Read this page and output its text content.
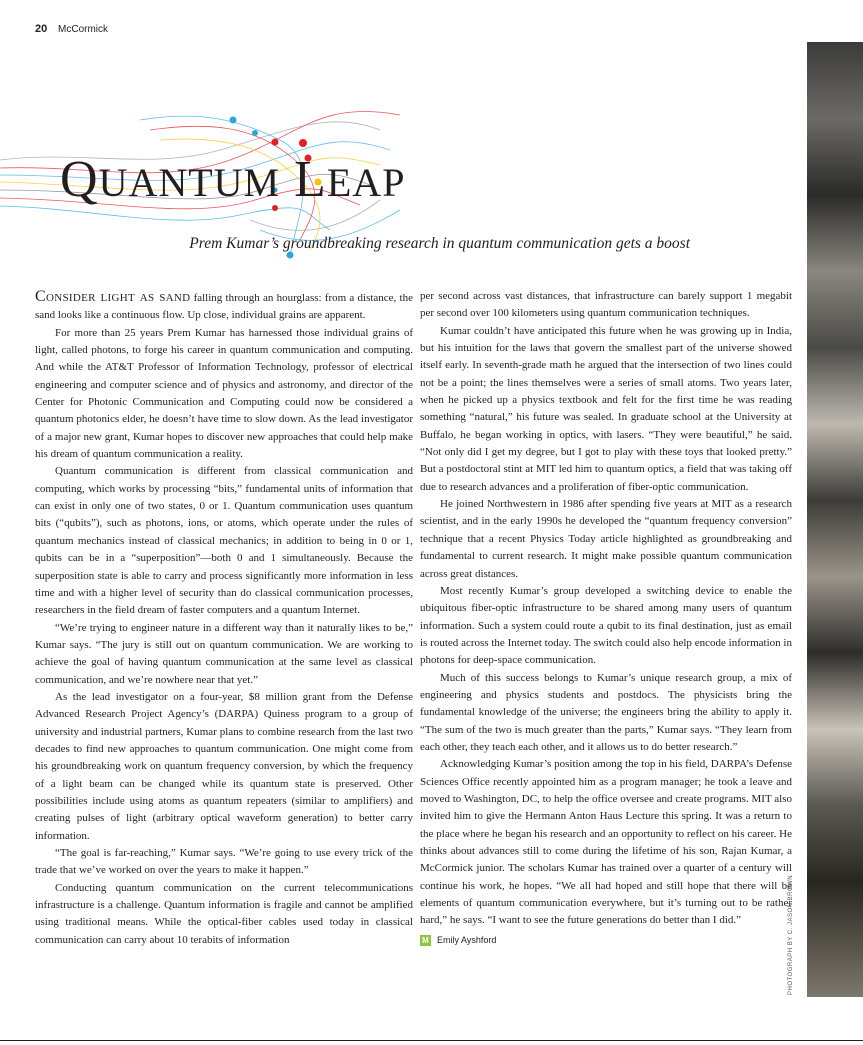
20 McCormick
QUANTUM LEAP
Prem Kumar’s groundbreaking research in quantum communication gets a boost

Consider light as sand falling through an hourglass: from a distance, the sand looks like a continuous flow. Up close, individual grains are apparent.

For more than 25 years Prem Kumar has harnessed those individual grains of light, called photons, to forge his career in quantum communication and computing. And while the AT&T Professor of Information Technology, professor of electrical engineering and computer science and of physics and astronomy, and director of the Center for Photonic Communication and Computing could now be considered a quantum photonics elder, he doesn’t have time to slow down. As the lead investigator of a major new grant, Kumar hopes to discover new approaches that could help make his dream of quantum communication a reality.

Quantum communication is different from classical communication and computing, which works by processing “bits,” fundamental units of information that can exist in only one of two states, 0 or 1. Quantum communication uses quantum bits (“qubits”), such as photons, ions, or atoms, which operate under the rules of quantum mechanics instead of classical mechanics; in addition to being in 0 or 1, qubits can be in a “superposition”—both 0 and 1 simultaneously. Because the superposition state is able to carry and process significantly more information in less time and with a higher level of security than do classical communication processes, researchers in the field dream of faster computers and a quantum Internet.

“We’re trying to engineer nature in a different way than it naturally likes to be,” Kumar says. “The jury is still out on quantum communication. We are working to achieve the goal of having quantum communication at the same level as classical communication, and we’re nowhere near that yet.”

As the lead investigator on a four-year, $8 million grant from the Defense Advanced Research Project Agency’s (DARPA) Quiness program to a group of university and industrial partners, Kumar plans to combine research from the last two decades to find new approaches to quantum communication. One might come from his groundbreaking work on quantum frequency conversion, by which the frequency of a light beam can be changed while its quantum state is preserved. Other possibilities include using atoms as quantum repeaters (similar to amplifiers) and creating pulses of light (arbitrary optical waveform generation) to better carry information.

“The goal is far-reaching,” Kumar says. “We’re going to use every trick of the trade that we’ve worked on over the years to make it happen.”

Conducting quantum communication on the current telecommunications infrastructure is a challenge. Quantum information is fragile and cannot be amplified using traditional means. While the optical-fiber cables used today in classical communication can carry about 10 terabits of information

per second across vast distances, that infrastructure can barely support 1 megabit per second over 100 kilometers using quantum communication techniques.

Kumar couldn’t have anticipated this future when he was growing up in India, but his intuition for the laws that govern the smallest part of the universe showed itself early. In seventh-grade math he argued that the intersection of two lines could not be a point; the lines themselves were a series of small atoms. Two years later, when he picked up a physics textbook and felt for the first time he was reading something “natural,” his future was sealed. In graduate school at the University at Buffalo, he began working in optics, with lasers. “They were beautiful,” he said. “Not only did I get my degree, but I got to play with these toys that looked pretty.” But a postdoctoral stint at MIT led him to quantum optics, a field that was taking off due to research advances and a proliferation of fiber-optic communication.

He joined Northwestern in 1986 after spending five years at MIT as a research scientist, and in the early 1990s he developed the “quantum frequency conversion” technique that a recent Physics Today article highlighted as groundbreaking and fundamental to current research. It might make possible quantum communication across great distances.

Most recently Kumar’s group developed a switching device to enable the ubiquitous fiber-optic infrastructure to be shared among many users of quantum information. Such a system could route a qubit to its final destination, just as email is routed across the Internet today. The switch could also help encode information in photons for deep-space communication.

Much of this success belongs to Kumar’s unique research group, a mix of engineering and physics students and postdocs. The physicists bring the fundamental knowledge of the universe; the engineers bring the ability to apply it. “The sum of the two is much greater than the parts,” Kumar says. “They learn from each other, they teach each other, and it allows us to do better research.”

Acknowledging Kumar’s position among the top in his field, DARPA’s Defense Sciences Office recently appointed him as a program manager; he took a leave and moved to Washington, DC, to help the office oversee and create programs. MIT also invited him to give the Hermann Anton Haus Lecture this spring. It was a return to the place where he began his research and an opportunity to reflect on his career. He thinks about advances still to come during the lifetime of his son, Rajan Kumar, a McCormick junior. The scholars Kumar has trained over a quarter of a century will continue his work, he hopes. “We all had hoped and still hope that there will be elements of quantum communication everywhere, but it’s turning out to be rather hard,” he says. “I want to see the future generations do better than I did.”

M Emily Ayshford	PHOTOGRAPH BY C. JASON BROWN
